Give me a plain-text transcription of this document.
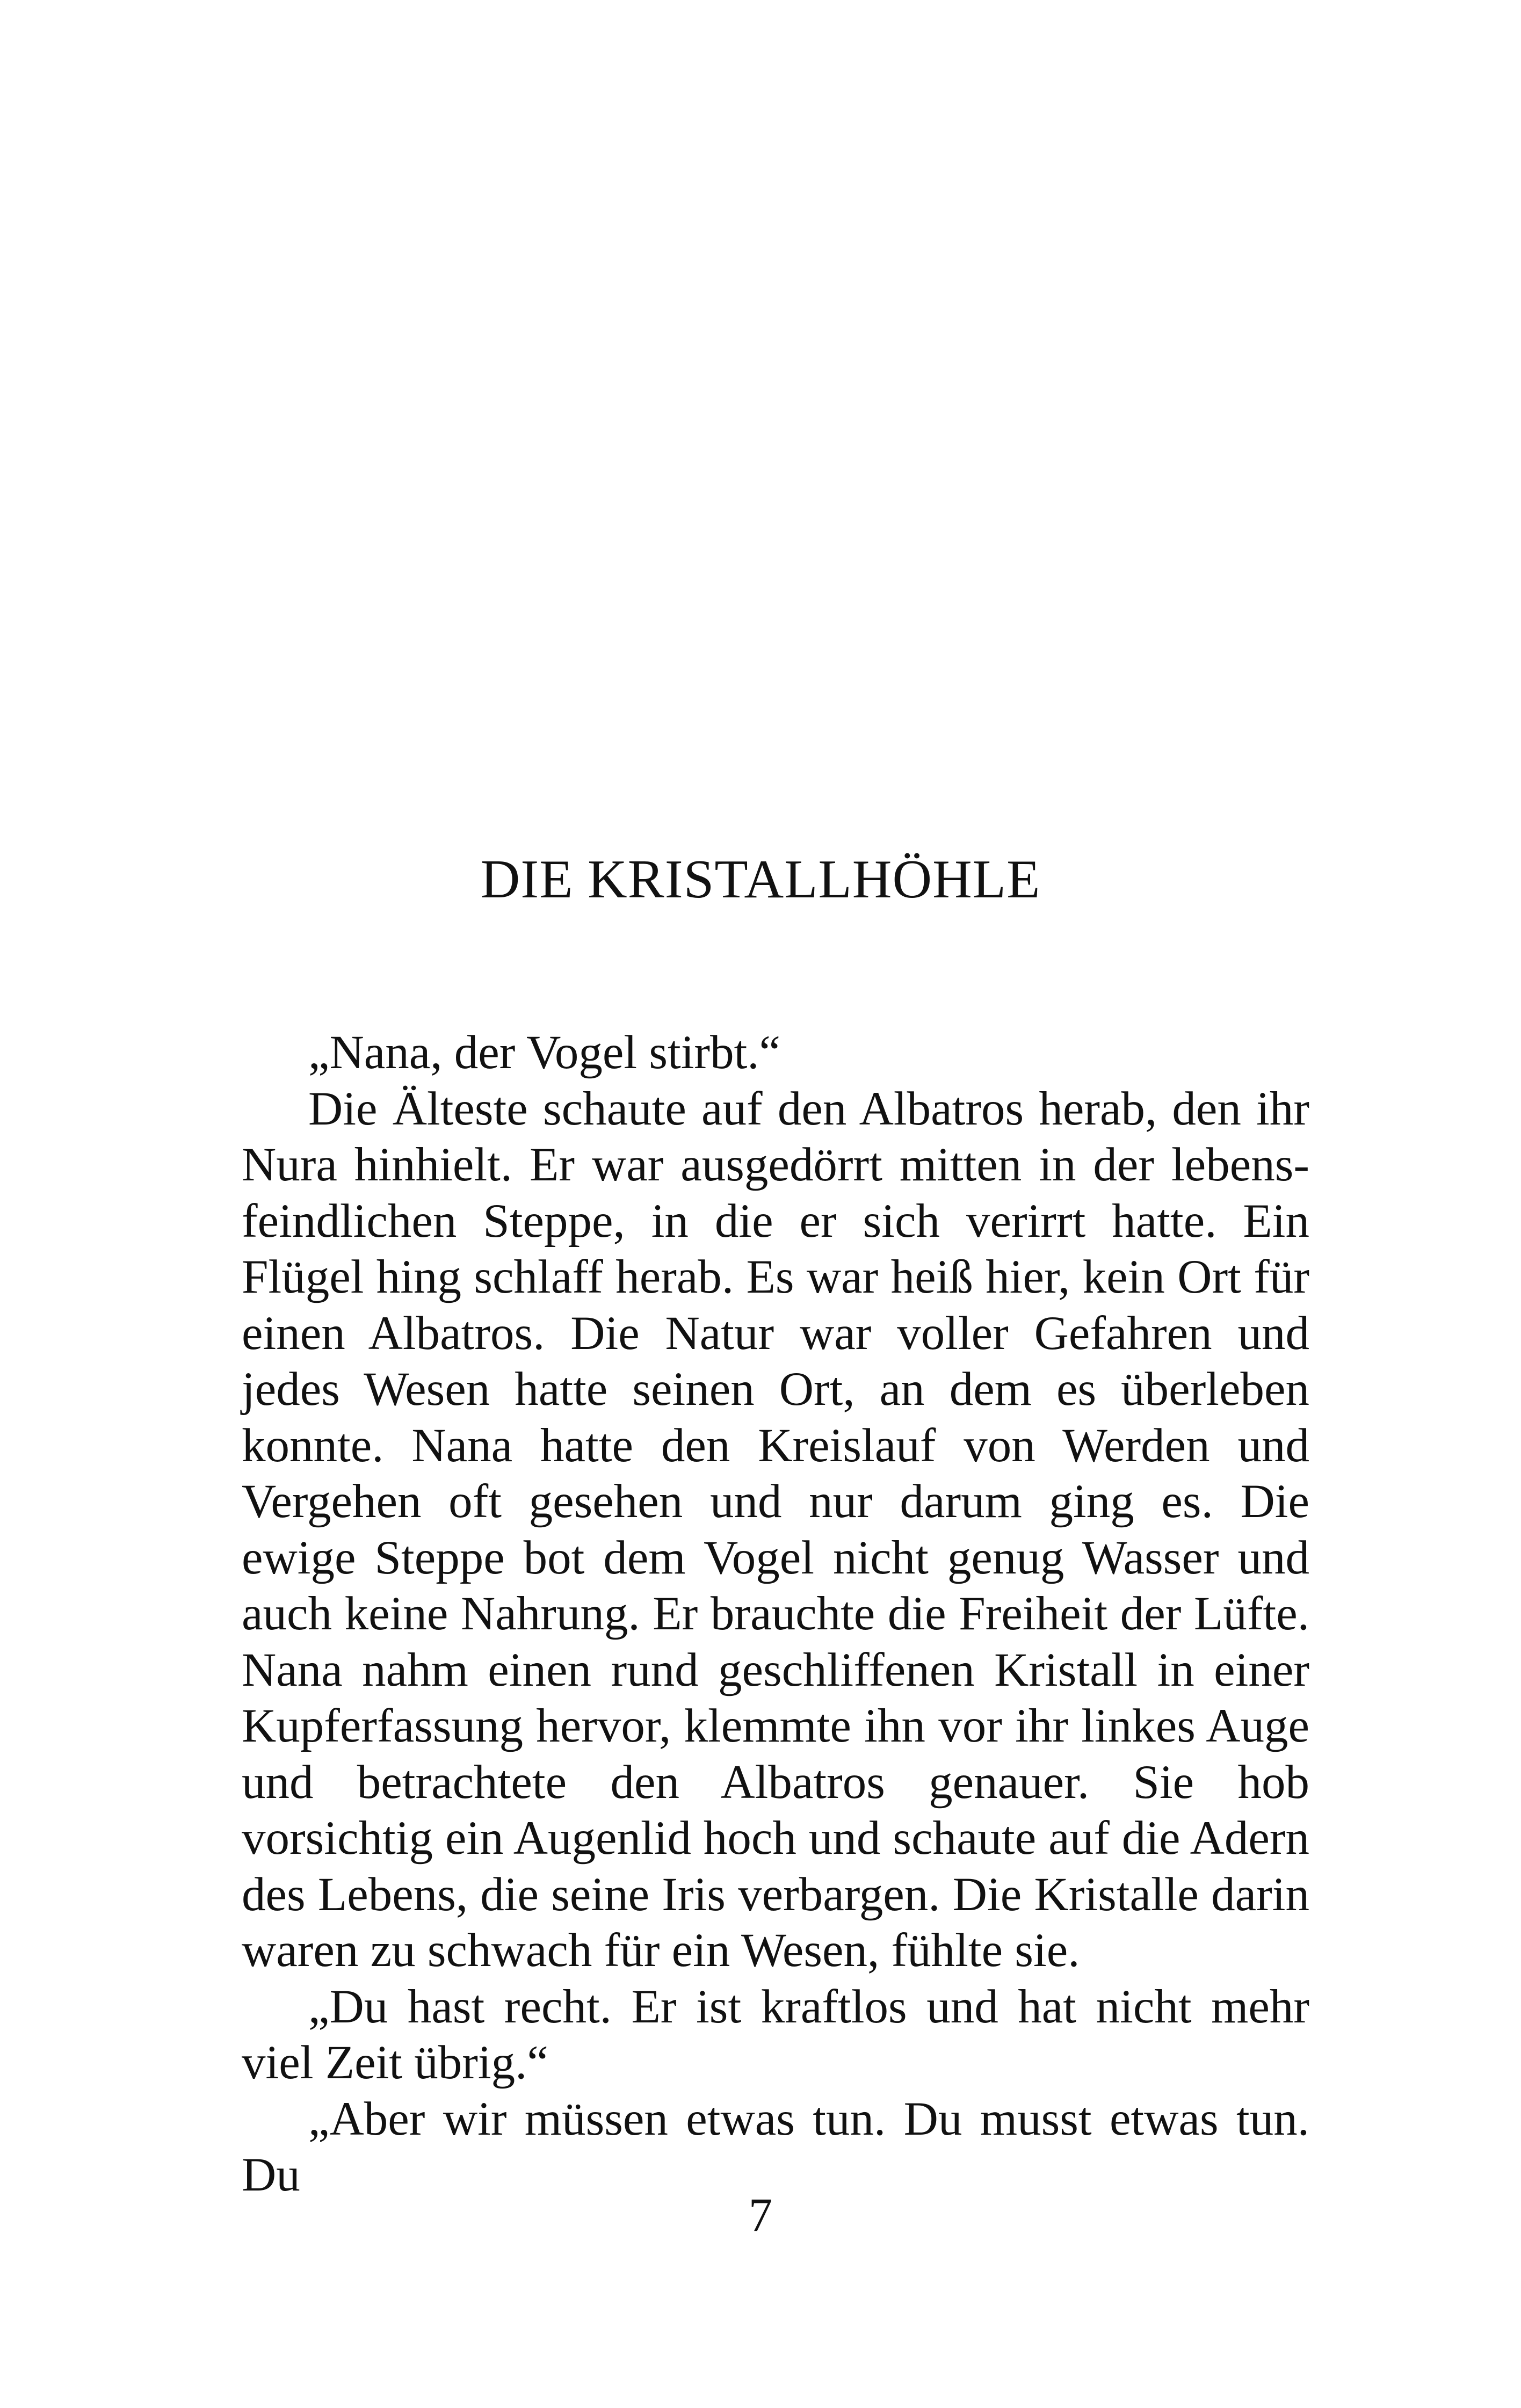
DIE KRISTALLHÖHLE

„Nana, der Vogel stirbt.“

Die Älteste schaute auf den Albatros herab, den ihr Nura hinhielt. Er war ausgedörrt mitten in der lebensfeindlichen Steppe, in die er sich verirrt hatte. Ein Flügel hing schlaff herab. Es war heiß hier, kein Ort für einen Albatros. Die Natur war voller Gefahren und jedes Wesen hatte seinen Ort, an dem es überleben konnte. Nana hatte den Kreislauf von Werden und Vergehen oft gesehen und nur darum ging es. Die ewige Steppe bot dem Vogel nicht genug Wasser und auch keine Nahrung. Er brauchte die Freiheit der Lüfte. Nana nahm einen rund geschliffenen Kristall in einer Kupferfassung hervor, klemmte ihn vor ihr linkes Auge und betrachtete den Albatros genauer. Sie hob vorsichtig ein Augenlid hoch und schaute auf die Adern des Lebens, die seine Iris verbargen. Die Kristalle darin waren zu schwach für ein Wesen, fühlte sie.

„Du hast recht. Er ist kraftlos und hat nicht mehr viel Zeit übrig.“

„Aber wir müssen etwas tun. Du musst etwas tun. Du

7
